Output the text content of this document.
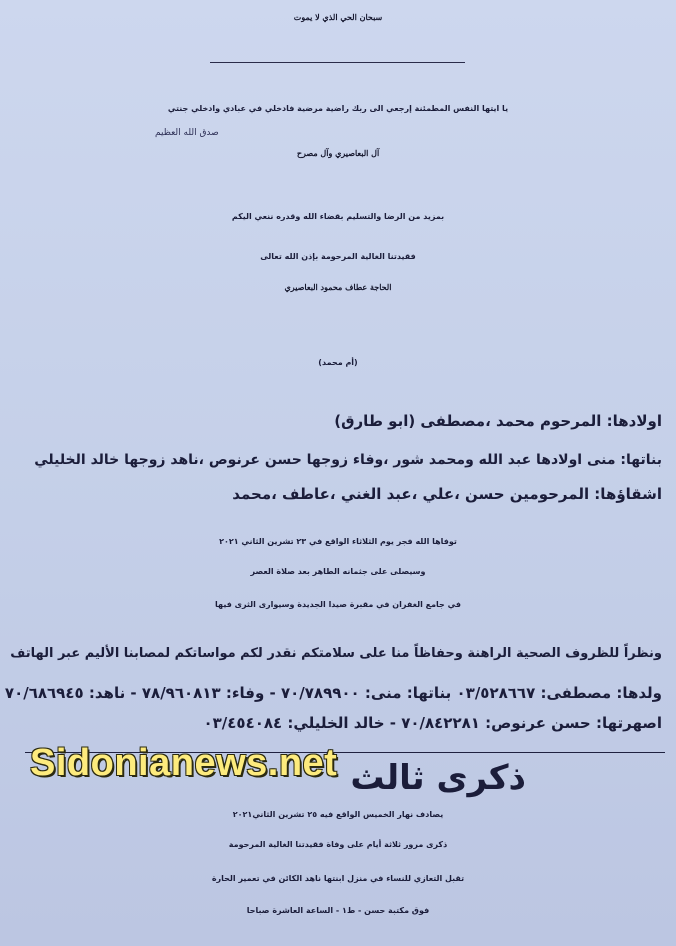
سبحان الحي الذي لا يموت
يا ايتها النفس المطمئنة إرجعي الى ربك راضية مرضية فادخلي في عبادي وادخلي جنتي
صدق الله العظيم
آل البعاصيري وآل مصرح
بمزيد من الرضا والتسليم بقضاء الله وقدره ننعي اليكم
فقيدتنا الغالية المرحومة بإذن الله تعالى
الحاجة عطاف محمود البعاصيري
(أم محمد)
اولادها: المرحوم محمد ،مصطفى (ابو طارق)
بناتها: منى اولادها عبد الله ومحمد شور ،وفاء زوجها حسن عرنوص ،ناهد زوجها خالد الخليلي
اشقاؤها: المرحومين حسن ،علي ،عبد الغني ،عاطف ،محمد
توفاها الله فجر يوم الثلاثاء الواقع في ٢٣ تشرين الثاني ٢٠٢١
وسيصلى على جثمانه الطاهر بعد صلاة العصر
في جامع الغفران في مقبرة صيدا الجديدة وسيوارى الثرى فيها
ونظراً للظروف الصحية الراهنة وحفاظاً منا على سلامتكم نقدر لكم مواساتكم لمصابنا الأليم عبر الهاتف
ولدها: مصطفى: ٠٣/٥٢٨٦٦٧ بناتها: منى: ٧٠/٧٨٩٩٠٠ - وفاء: ٧٨/٩٦٠٨١٣ - ناهد: ٧٠/٦٨٦٩٤٥
اصهرتها: حسن عرنوص: ٧٠/٨٤٢٢٨١ - خالد الخليلي: ٠٣/٤٥٤٠٨٤
Sidonianews.net ذكرى ثالث
يصادف نهار الخميس الواقع فيه ٢٥ تشرين الثاني٢٠٢١
ذكرى مرور ثلاثة أيام على وفاة فقيدتنا الغالية المرحومة
تقبل التعازي للنساء في منزل ابنتها ناهد الكائن في تعمير الحارة
فوق مكتبة حسن - ط١ - الساعة العاشرة صباحا
